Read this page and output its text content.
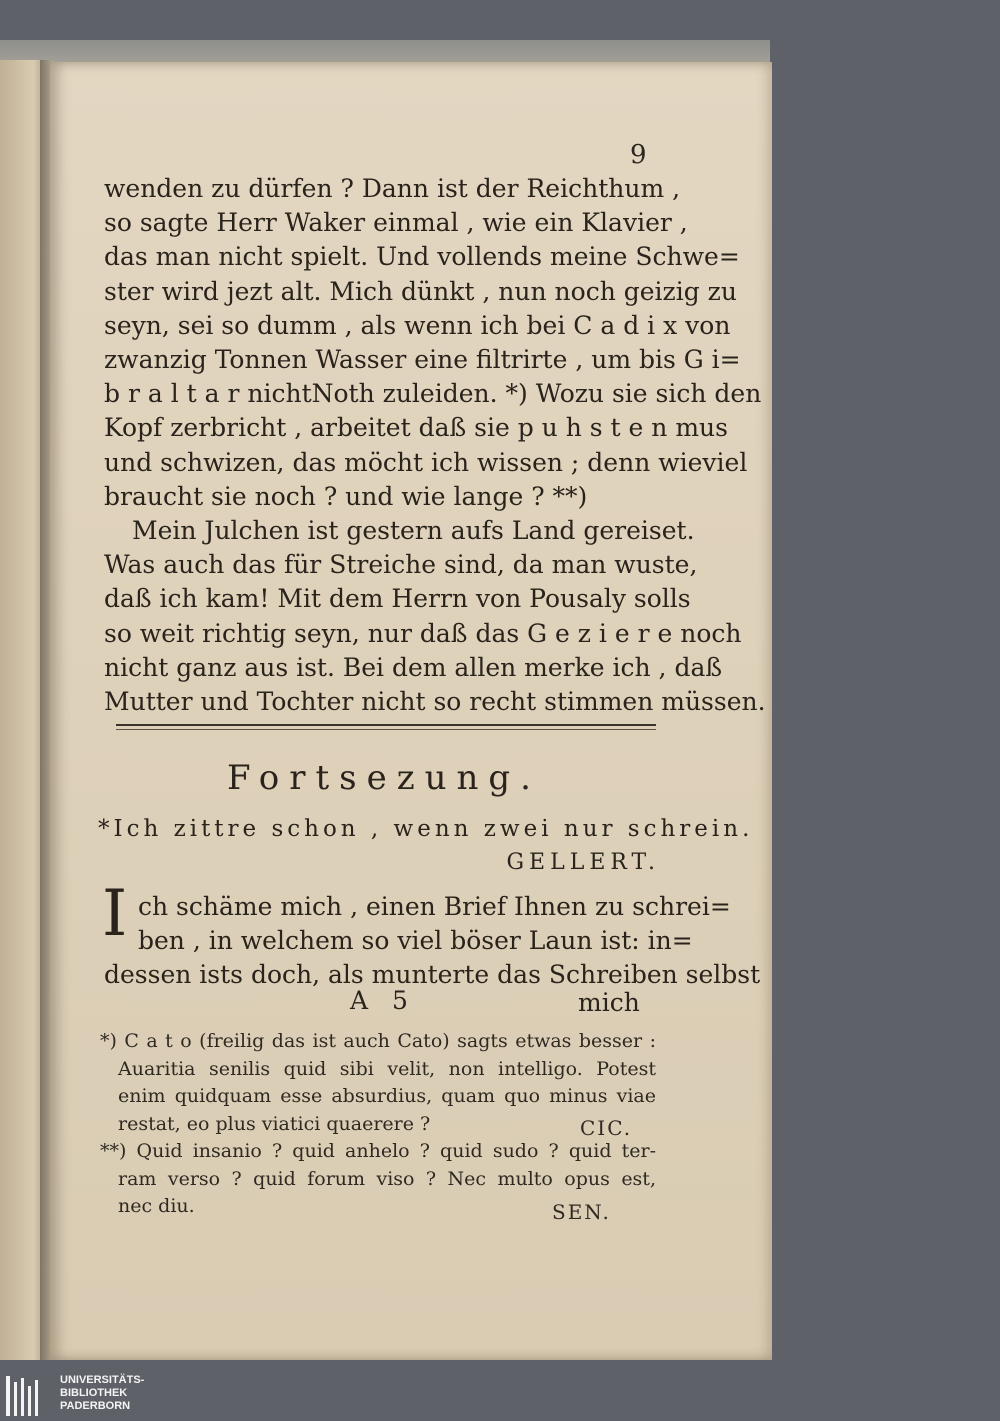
9
wenden zu dürfen ? Dann ist der Reichthum ,
so sagte Herr Waker einmal , wie ein Klavier ,
das man nicht spielt. Und vollends meine Schwe=
ster wird jezt alt. Mich dünkt , nun noch geizig zu
seyn, sei so dumm , als wenn ich bei C a d i x von
zwanzig Tonnen Wasser eine filtrirte , um bis G i=
b r a l t a r nichtNoth zuleiden. *) Wozu sie sich den
Kopf zerbricht , arbeitet daß sie p u h s t e n mus
und schwizen, das möcht ich wissen ; denn wieviel
braucht sie noch ? und wie lange ? **)
Mein Julchen ist gestern aufs Land gereiset.
Was auch das für Streiche sind, da man wuste,
daß ich kam! Mit dem Herrn von Pousaly solls
so weit richtig seyn, nur daß das G e z i e r e noch
nicht ganz aus ist. Bei dem allen merke ich , daß
Mutter und Tochter nicht so recht stimmen müssen.
Fortsezung.
*Ich zittre schon , wenn zwei nur schrein.
GELLERT.
I ch schäme mich , einen Brief Ihnen zu schrei=
ben , in welchem so viel böser Laun ist: in=
dessen ists doch, als munterte das Schreiben selbst
A 5	mich
*) C a t o (freilig das ist auch Cato) sagts etwas besser :
Auaritia senilis quid sibi velit, non intelligo. Potest
enim quidquam esse absurdius, quam quo minus viae
restat, eo plus viatici quaerere ?
**) Quid insanio ? quid anhelo ? quid sudo ? quid ter-
ram verso ? quid forum viso ? Nec multo opus est,
nec diu.
CIC.
SEN.
UNIVERSITÄTS-
BIBLIOTHEK
PADERBORN
